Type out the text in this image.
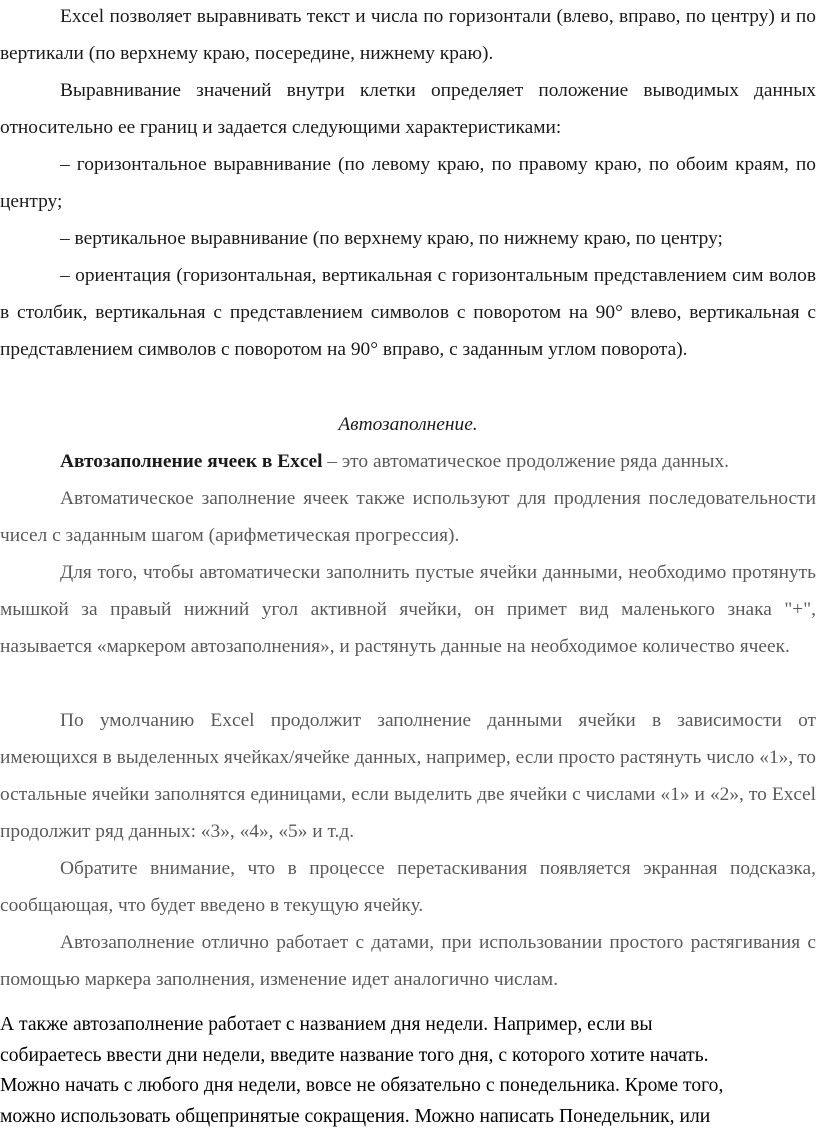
Excel позволяет выравнивать текст и числа по горизонтали (влево, вправо, по центру) и по вертикали (по верхнему краю, посередине, нижнему краю).

Выравнивание значений внутри клетки определяет положение выводимых данных относительно ее границ и задается следующими характеристиками:

– горизонтальное выравнивание (по левому краю, по правому краю, по обоим краям, по центру;

– вертикальное выравнивание (по верхнему краю, по нижнему краю, по центру;

– ориентация (горизонтальная, вертикальная с горизонтальным представлением сим волов в столбик, вертикальная с представлением символов с поворотом на 90° влево, вертикальная с представлением символов с поворотом на 90° вправо, с заданным углом поворота).

Автозаполнение.

Автозаполнение ячеек в Excel – это автоматическое продолжение ряда данных.

Автоматическое заполнение ячеек также используют для продления последовательности чисел с заданным шагом (арифметическая прогрессия).

Для того, чтобы автоматически заполнить пустые ячейки данными, необходимо протянуть мышкой за правый нижний угол активной ячейки, он примет вид маленького знака "+", называется «маркером автозаполнения», и растянуть данные на необходимое количество ячеек.

По умолчанию Excel продолжит заполнение данными ячейки в зависимости от имеющихся в выделенных ячейках/ячейке данных, например, если просто растянуть число «1», то остальные ячейки заполнятся единицами, если выделить две ячейки с числами «1» и «2», то Excel продолжит ряд данных: «3», «4», «5» и т.д.

Обратите внимание, что в процессе перетаскивания появляется экранная подсказка, сообщающая, что будет введено в текущую ячейку.

Автозаполнение отлично работает с датами, при использовании простого растягивания с помощью маркера заполнения, изменение идет аналогично числам.

А также автозаполнение работает с названием дня недели. Например, если вы
собираетесь ввести дни недели, введите название того дня, с которого хотите начать.
Можно начать с любого дня недели, вовсе не обязательно с понедельника. Кроме того,
можно использовать общепринятые сокращения. Можно написать Понедельник, или
